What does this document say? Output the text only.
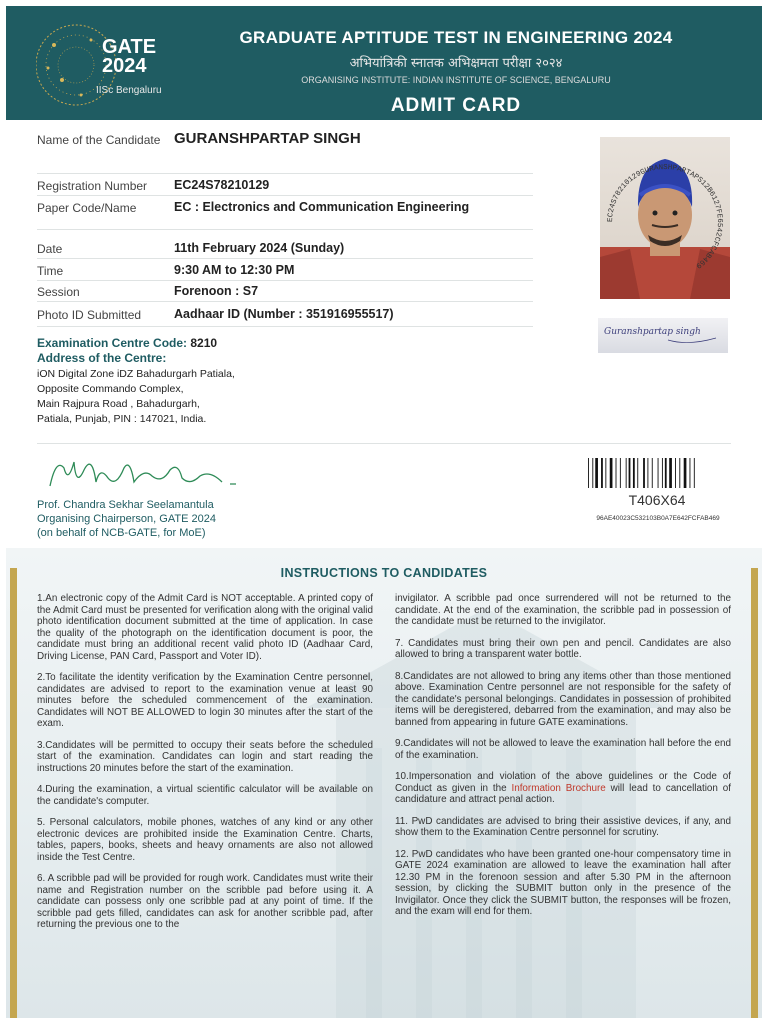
GATE
2024
IISc Bengaluru
GRADUATE APTITUDE TEST IN ENGINEERING 2024
अभियांत्रिकी स्नातक अभिक्षमता परीक्षा २०२४
ORGANISING INSTITUTE: INDIAN INSTITUTE OF SCIENCE, BENGALURU
ADMIT CARD
Name of the Candidate GURANSHPARTAP SINGH
Registration Number EC24S78210129
Paper Code/Name	EC : Electronics and Communication Engineering
Date	11th February 2024 (Sunday)
Time	9:30 AM to 12:30 PM
Session	Forenoon : S7
Photo ID Submitted	Aadhaar ID (Number : 351916955517)
EC24S78210129GURANSHPARTAPS12B6127FE6542CFCAB469
Guranshpartap singh
Examination Centre Code: 8210
Address of the Centre:
iON Digital Zone iDZ Bahadurgarh Patiala,
Opposite Commando Complex,
Main Rajpura Road , Bahadurgarh,
Patiala, Punjab, PIN : 147021, India.
Prof. Chandra Sekhar Seelamantula
Organising Chairperson, GATE 2024
(on behalf of NCB-GATE, for MoE)
T406X64
96AE40023C532103B0A7E642FCFAB469
INSTRUCTIONS TO CANDIDATES

1.An electronic copy of the Admit Card is NOT acceptable. A printed copy of the Admit Card must be presented for verification along with the original valid photo identification document submitted at the time of application. In case the quality of the photograph on the identification document is poor, the candidate must bring an additional recent valid photo ID (Aadhaar Card, Driving License, PAN Card, Passport and Voter ID).

2.To facilitate the identity verification by the Examination Centre personnel, candidates are advised to report to the examination venue at least 90 minutes before the scheduled commencement of the examination. Candidates will NOT BE ALLOWED to login 30 minutes after the start of the exam.

3.Candidates will be permitted to occupy their seats before the scheduled start of the examination. Candidates can login and start reading the instructions 20 minutes before the start of the examination.

4.During the examination, a virtual scientific calculator will be available on the candidate's computer.

5. Personal calculators, mobile phones, watches of any kind or any other electronic devices are prohibited inside the Examination Centre. Charts, tables, papers, books, sheets and heavy ornaments are also not allowed inside the Test Centre.

6. A scribble pad will be provided for rough work. Candidates must write their name and Registration number on the scribble pad before using it. A candidate can possess only one scribble pad at any point of time. If the scribble pad gets filled, candidates can ask for another scribble pad, after returning the previous one to the

invigilator. A scribble pad once surrendered will not be returned to the candidate. At the end of the examination, the scribble pad in possession of the candidate must be returned to the invigilator.

7. Candidates must bring their own pen and pencil. Candidates are also allowed to bring a transparent water bottle.

8.Candidates are not allowed to bring any items other than those mentioned above. Examination Centre personnel are not responsible for the safety of the candidate's personal belongings. Candidates in possession of prohibited items will be deregistered, debarred from the examination, and may also be banned from appearing in future GATE examinations.

9.Candidates will not be allowed to leave the examination hall before the end of the examination.

10.Impersonation and violation of the above guidelines or the Code of Conduct as given in the Information Brochure will lead to cancellation of candidature and attract penal action.

11. PwD candidates are advised to bring their assistive devices, if any, and show them to the Examination Centre personnel for scrutiny.

12. PwD candidates who have been granted one-hour compensatory time in GATE 2024 examination are allowed to leave the examination hall after 12.30 PM in the forenoon session and after 5.30 PM in the afternoon session, by clicking the SUBMIT button only in the presence of the Invigilator. Once they click the SUBMIT button, the responses will be frozen, and the exam will end for them.
